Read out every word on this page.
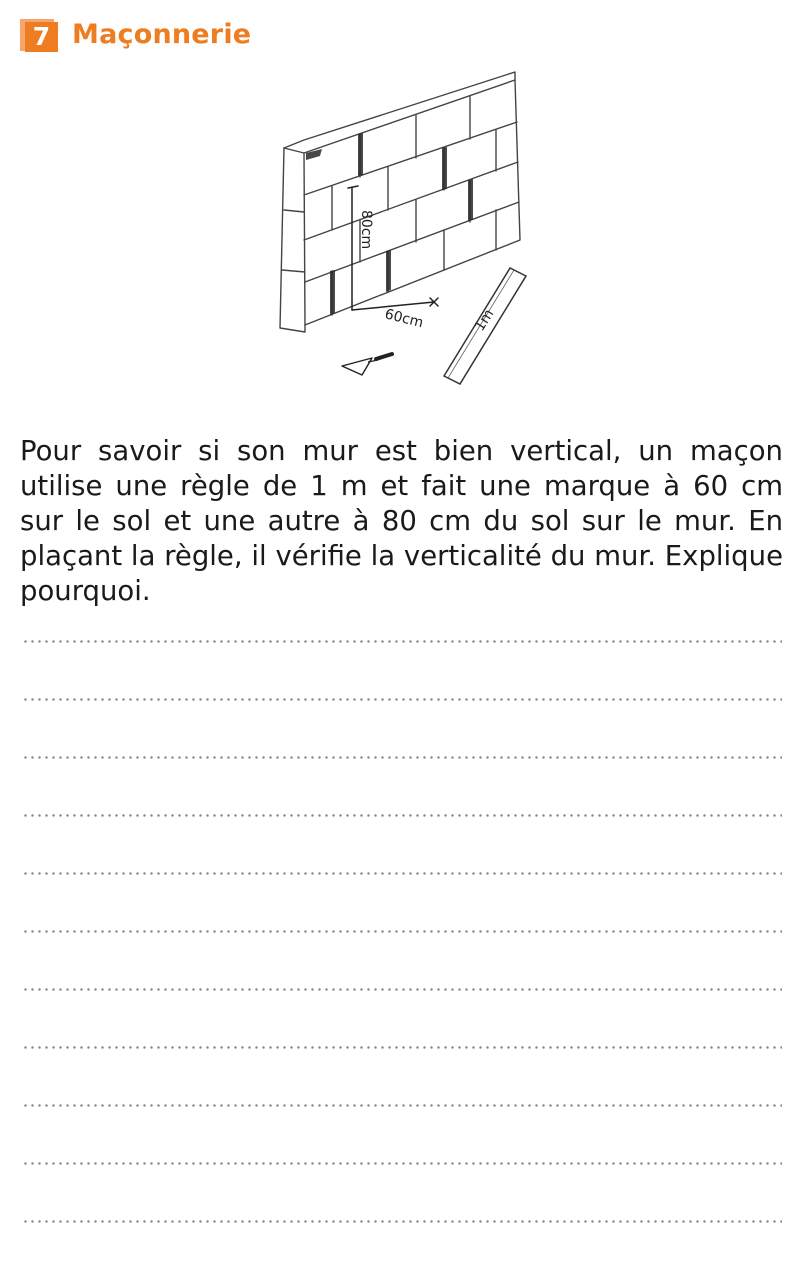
7 Maçonnerie
80cm
60cm	1m

Pour savoir si son mur est bien vertical, un maçon utilise une règle de 1 m et fait une marque à 60 cm sur le sol et une autre à 80 cm du sol sur le mur. En plaçant la règle, il vérifie la verticalité du mur. Explique pourquoi.
